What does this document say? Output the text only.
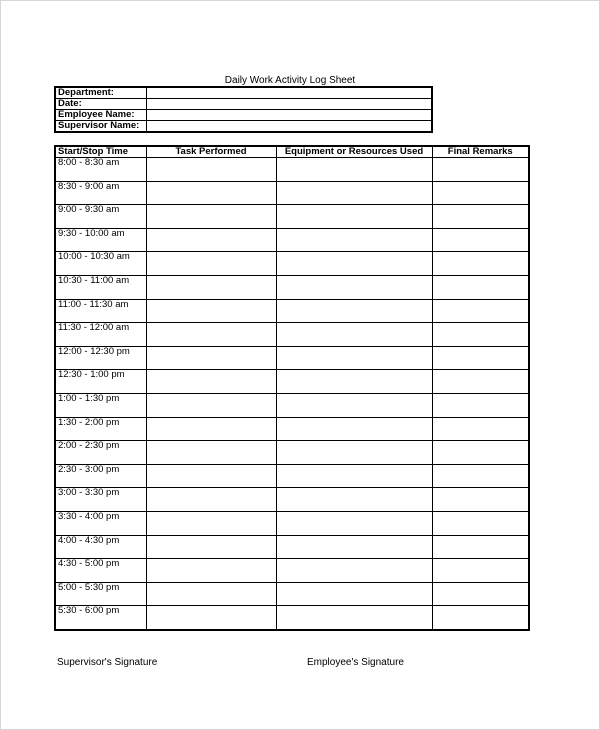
Daily Work Activity Log Sheet
Department:	
Date:	
Employee Name:	
Supervisor Name:	
Start/Stop Time	Task Performed	Equipment or Resources Used	Final Remarks
8:00 - 8:30 am			
8:30 - 9:00 am			
9:00 - 9:30 am			
9:30 - 10:00 am			
10:00 - 10:30 am			
10:30 - 11:00 am			
11:00 - 11:30 am			
11:30 - 12:00 am			
12:00 - 12:30 pm			
12:30 - 1:00 pm			
1:00 - 1:30 pm			
1:30 - 2:00 pm			
2:00 - 2:30 pm			
2:30 - 3:00 pm			
3:00 - 3:30 pm			
3:30 - 4:00 pm			
4:00 - 4:30 pm			
4:30 - 5:00 pm			
5:00 - 5:30 pm			
5:30 - 6:00 pm			
Supervisor's Signature	Employee's Signature
